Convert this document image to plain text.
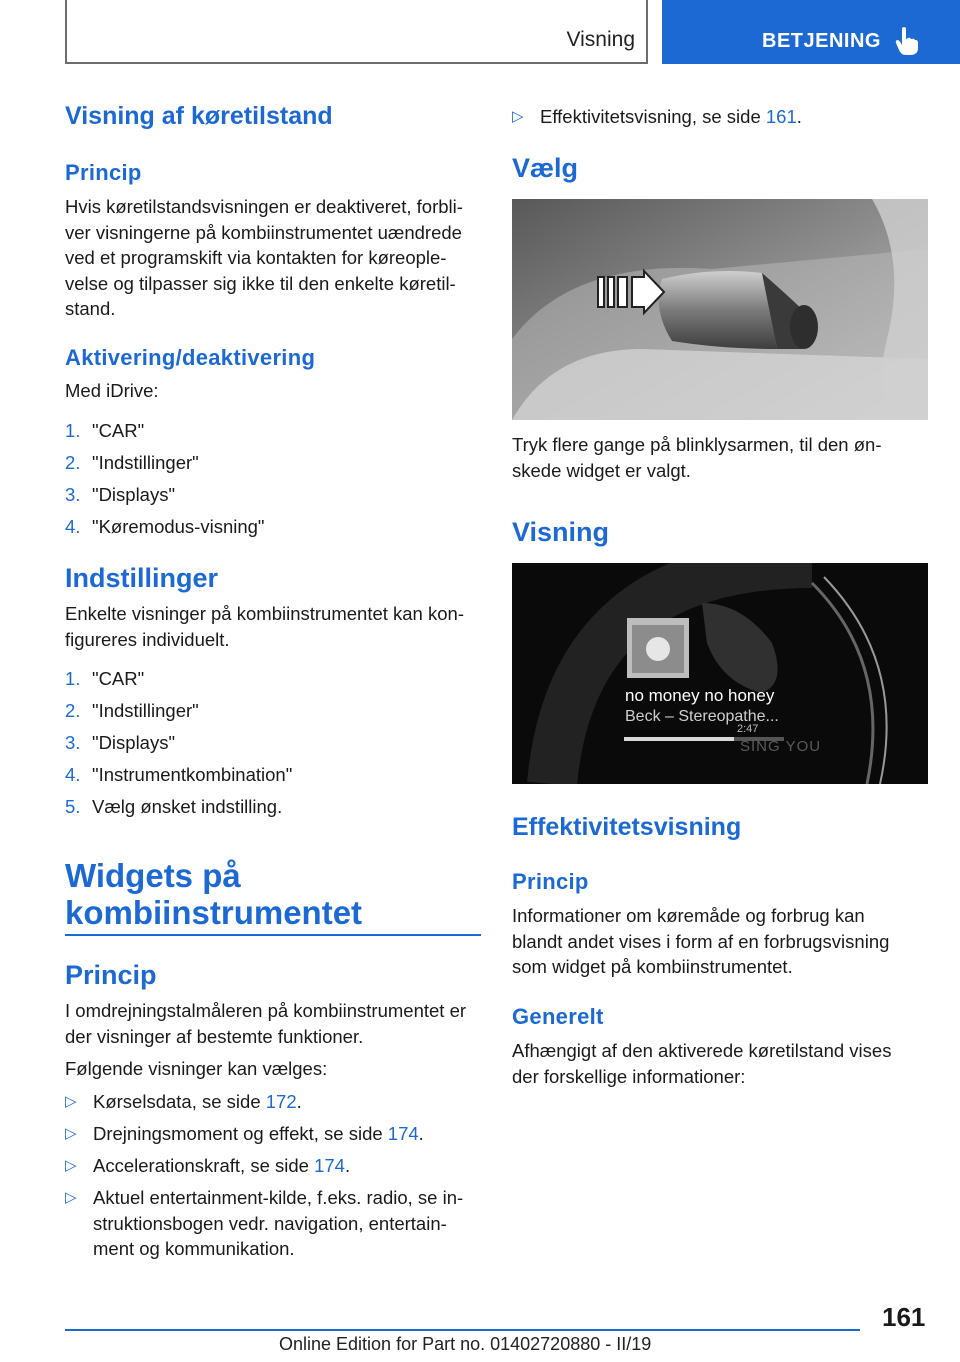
Visning	BETJENING
Visning af køretilstand
Princip
Hvis køretilstandsvisningen er deaktiveret, forbli-
ver visningerne på kombiinstrumentet uændrede
ved et programskift via kontakten for køreople-
velse og tilpasser sig ikke til den enkelte køretil-
stand.
Aktivering/deaktivering
Med iDrive:
1. "CAR"
2. "Indstillinger"
3. "Displays"
4. "Køremodus-visning"
Indstillinger
Enkelte visninger på kombiinstrumentet kan kon-
figureres individuelt.
1. "CAR"
2. "Indstillinger"
3. "Displays"
4. "Instrumentkombination"
5. Vælg ønsket indstilling.
Widgets på
kombiinstrumentet
Princip
I omdrejningstalmåleren på kombiinstrumentet er
der visninger af bestemte funktioner.
Følgende visninger kan vælges:
▷ Kørselsdata, se side 172.
▷ Drejningsmoment og effekt, se side 174.
▷ Accelerationskraft, se side 174.
▷ Aktuel entertainment-kilde, f.eks. radio, se in-
struktionsbogen vedr. navigation, entertain-
ment og kommunikation.
▷ Effektivitetsvisning, se side 161.
Vælg
Tryk flere gange på blinklysarmen, til den øn-
skede widget er valgt.
Visning
no money no honey
Beck – Stereopathe...
2:47
SING YOU
Effektivitetsvisning
Princip
Informationer om køremåde og forbrug kan
blandt andet vises i form af en forbrugsvisning
som widget på kombiinstrumentet.
Generelt
Afhængigt af den aktiverede køretilstand vises
der forskellige informationer:
161
Online Edition for Part no. 01402720880 - II/19
